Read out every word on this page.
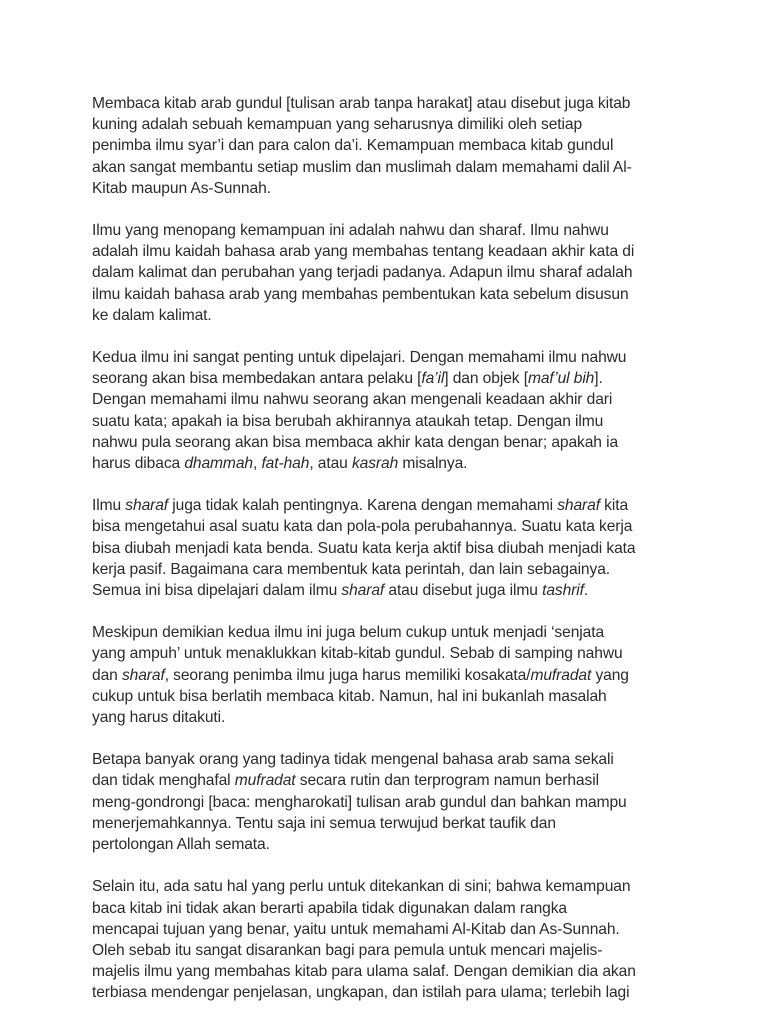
Membaca kitab arab gundul [tulisan arab tanpa harakat] atau disebut juga kitab
kuning adalah sebuah kemampuan yang seharusnya dimiliki oleh setiap
penimba ilmu syar’i dan para calon da’i. Kemampuan membaca kitab gundul
akan sangat membantu setiap muslim dan muslimah dalam memahami dalil Al-
Kitab maupun As-Sunnah.

Ilmu yang menopang kemampuan ini adalah nahwu dan sharaf. Ilmu nahwu
adalah ilmu kaidah bahasa arab yang membahas tentang keadaan akhir kata di
dalam kalimat dan perubahan yang terjadi padanya. Adapun ilmu sharaf adalah
ilmu kaidah bahasa arab yang membahas pembentukan kata sebelum disusun
ke dalam kalimat.

Kedua ilmu ini sangat penting untuk dipelajari. Dengan memahami ilmu nahwu
seorang akan bisa membedakan antara pelaku [fa’il] dan objek [maf’ul bih].
Dengan memahami ilmu nahwu seorang akan mengenali keadaan akhir dari
suatu kata; apakah ia bisa berubah akhirannya ataukah tetap. Dengan ilmu
nahwu pula seorang akan bisa membaca akhir kata dengan benar; apakah ia
harus dibaca dhammah, fat-hah, atau kasrah misalnya.

Ilmu sharaf juga tidak kalah pentingnya. Karena dengan memahami sharaf kita
bisa mengetahui asal suatu kata dan pola-pola perubahannya. Suatu kata kerja
bisa diubah menjadi kata benda. Suatu kata kerja aktif bisa diubah menjadi kata
kerja pasif. Bagaimana cara membentuk kata perintah, dan lain sebagainya.
Semua ini bisa dipelajari dalam ilmu sharaf atau disebut juga ilmu tashrif.

Meskipun demikian kedua ilmu ini juga belum cukup untuk menjadi ‘senjata
yang ampuh’ untuk menaklukkan kitab-kitab gundul. Sebab di samping nahwu
dan sharaf, seorang penimba ilmu juga harus memiliki kosakata/mufradat yang
cukup untuk bisa berlatih membaca kitab. Namun, hal ini bukanlah masalah
yang harus ditakuti.

Betapa banyak orang yang tadinya tidak mengenal bahasa arab sama sekali
dan tidak menghafal mufradat secara rutin dan terprogram namun berhasil
meng-gondrongi [baca: mengharokati] tulisan arab gundul dan bahkan mampu
menerjemahkannya. Tentu saja ini semua terwujud berkat taufik dan
pertolongan Allah semata.

Selain itu, ada satu hal yang perlu untuk ditekankan di sini; bahwa kemampuan
baca kitab ini tidak akan berarti apabila tidak digunakan dalam rangka
mencapai tujuan yang benar, yaitu untuk memahami Al-Kitab dan As-Sunnah.
Oleh sebab itu sangat disarankan bagi para pemula untuk mencari majelis-
majelis ilmu yang membahas kitab para ulama salaf. Dengan demikian dia akan
terbiasa mendengar penjelasan, ungkapan, dan istilah para ulama; terlebih lagi
